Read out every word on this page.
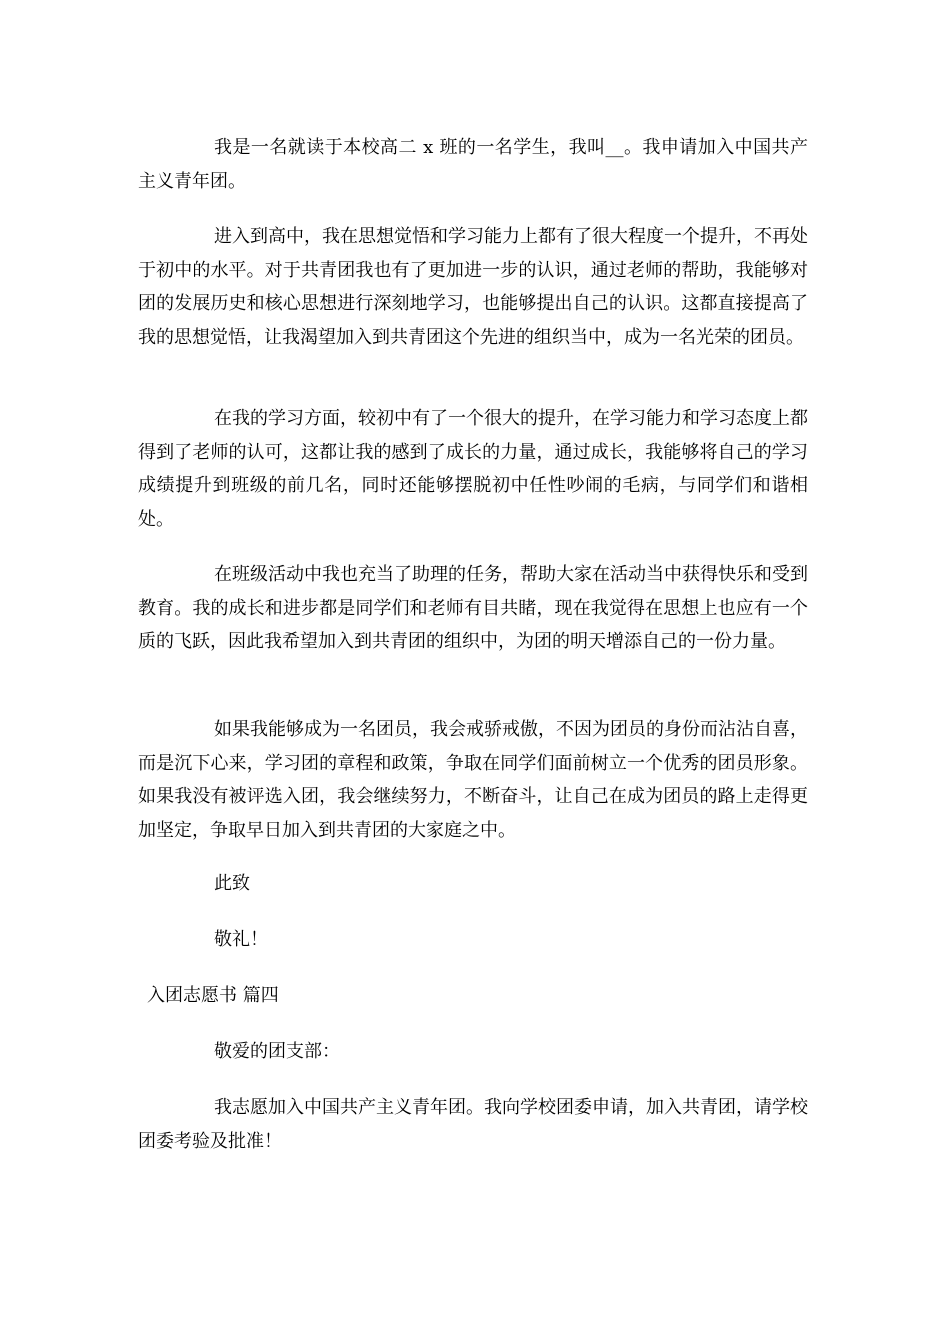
我是一名就读于本校高二 x 班的一名学生，我叫__。我申请加入中国共产主义青年团。

进入到高中，我在思想觉悟和学习能力上都有了很大程度一个提升，不再处于初中的水平。对于共青团我也有了更加进一步的认识，通过老师的帮助，我能够对团的发展历史和核心思想进行深刻地学习，也能够提出自己的认识。这都直接提高了我的思想觉悟，让我渴望加入到共青团这个先进的组织当中，成为一名光荣的团员。

在我的学习方面，较初中有了一个很大的提升，在学习能力和学习态度上都得到了老师的认可，这都让我的感到了成长的力量，通过成长，我能够将自己的学习成绩提升到班级的前几名，同时还能够摆脱初中任性吵闹的毛病，与同学们和谐相处。

在班级活动中我也充当了助理的任务，帮助大家在活动当中获得快乐和受到教育。我的成长和进步都是同学们和老师有目共睹，现在我觉得在思想上也应有一个质的飞跃，因此我希望加入到共青团的组织中，为团的明天增添自己的一份力量。

如果我能够成为一名团员，我会戒骄戒傲，不因为团员的身份而沾沾自喜，而是沉下心来，学习团的章程和政策，争取在同学们面前树立一个优秀的团员形象。如果我没有被评选入团，我会继续努力，不断奋斗，让自己在成为团员的路上走得更加坚定，争取早日加入到共青团的大家庭之中。

此致

敬礼！

入团志愿书 篇四

敬爱的团支部：

我志愿加入中国共产主义青年团。我向学校团委申请，加入共青团，请学校团委考验及批准！
